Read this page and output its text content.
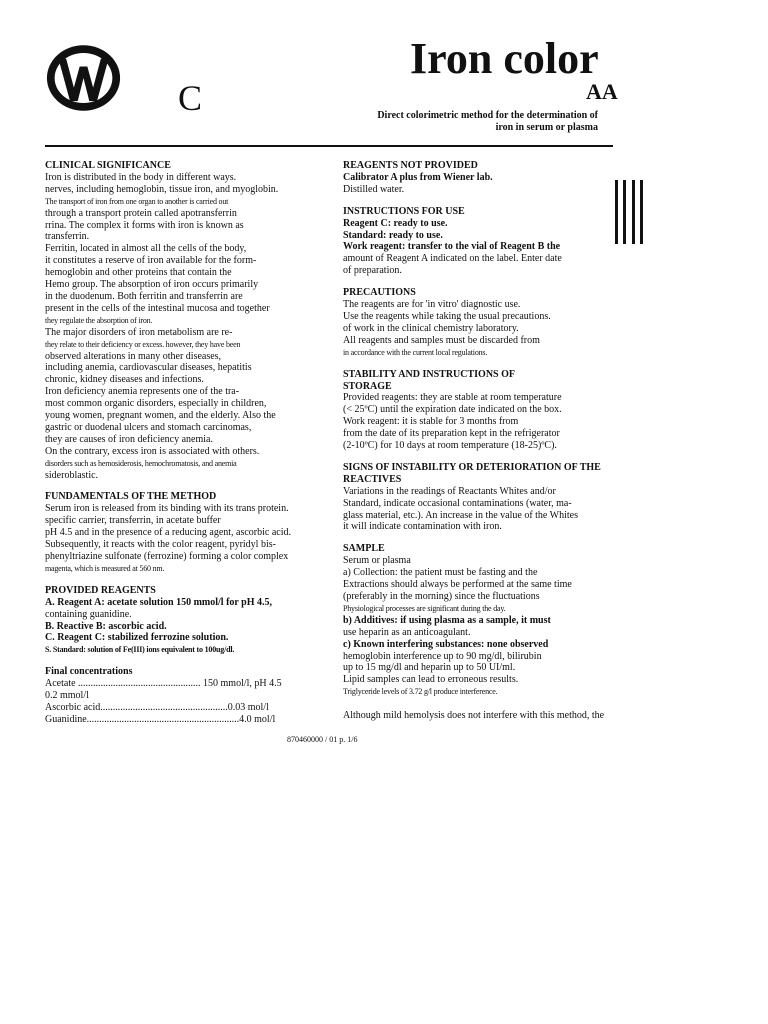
C
Iron color
AA
Direct colorimetric method for the determination of
iron in serum or plasma

CLINICAL SIGNIFICANCE

Iron is distributed in the body in different ways.
nerves, including hemoglobin, tissue iron, and myoglobin.
The transport of iron from one organ to another is carried out
through a transport protein called apotransferrin
rrina. The complex it forms with iron is known as
transferrin.
Ferritin, located in almost all the cells of the body,
it constitutes a reserve of iron available for the form-
hemoglobin and other proteins that contain the
Hemo group. The absorption of iron occurs primarily
in the duodenum. Both ferritin and transferrin are
present in the cells of the intestinal mucosa and together
they regulate the absorption of iron.
The major disorders of iron metabolism are re-
they relate to their deficiency or excess. however, they have been
observed alterations in many other diseases,
including anemia, cardiovascular diseases, hepatitis
chronic, kidney diseases and infections.
Iron deficiency anemia represents one of the tra-
most common organic disorders, especially in children,
young women, pregnant women, and the elderly. Also the
gastric or duodenal ulcers and stomach carcinomas,
they are causes of iron deficiency anemia.
On the contrary, excess iron is associated with others.
disorders such as hemosiderosis, hemochromatosis, and anemia
sideroblastic.

FUNDAMENTALS OF THE METHOD

Serum iron is released from its binding with its trans protein.
specific carrier, transferrin, in acetate buffer
pH 4.5 and in the presence of a reducing agent, ascorbic acid.
Subsequently, it reacts with the color reagent, pyridyl bis-
phenyltriazine sulfonate (ferrozine) forming a color complex
magenta, which is measured at 560 nm.

PROVIDED REAGENTS

A. Reagent A: acetate solution 150 mmol/l for pH 4.5,
containing guanidine.
B. Reactive B: ascorbic acid.
C. Reagent C: stabilized ferrozine solution.
S. Standard: solution of Fe(III) ions equivalent to 100ug/dl.

Final concentrations

Acetate ................................................. 150 mmol/l, pH 4.5
0.2 mmol/l
Ascorbic acid...................................................0.03 mol/l
Guanidine.............................................................4.0 mol/l

REAGENTS NOT PROVIDED

Calibrator A plus from Wiener lab.
Distilled water.

INSTRUCTIONS FOR USE

Reagent C: ready to use.
Standard: ready to use.
Work reagent: transfer to the vial of Reagent B the
amount of Reagent A indicated on the label. Enter date
of preparation.

PRECAUTIONS

The reagents are for 'in vitro' diagnostic use.
Use the reagents while taking the usual precautions.
of work in the clinical chemistry laboratory.
All reagents and samples must be discarded from
in accordance with the current local regulations.

STABILITY AND INSTRUCTIONS OF

STORAGE

Provided reagents: they are stable at room temperature
(< 25ºC) until the expiration date indicated on the box.
Work reagent: it is stable for 3 months from
from the date of its preparation kept in the refrigerator
(2-10ºC) for 10 days at room temperature (18-25)ºC).

SIGNS OF INSTABILITY OR DETERIORATION OF THE

REACTIVES

Variations in the readings of Reactants Whites and/or
Standard, indicate occasional contaminations (water, ma-
glass material, etc.). An increase in the value of the Whites
it will indicate contamination with iron.

SAMPLE

Serum or plasma
a) Collection: the patient must be fasting and the
Extractions should always be performed at the same time
(preferably in the morning) since the fluctuations
Physiological processes are significant during the day.
b) Additives: if using plasma as a sample, it must
use heparin as an anticoagulant.
c) Known interfering substances: none observed
hemoglobin interference up to 90 mg/dl, bilirubin
up to 15 mg/dl and heparin up to 50 UI/ml.
Lipid samples can lead to erroneous results.
Triglyceride levels of 3.72 g/l produce interference.
Although mild hemolysis does not interfere with this method, the
870460000 / 01 p. 1/6
